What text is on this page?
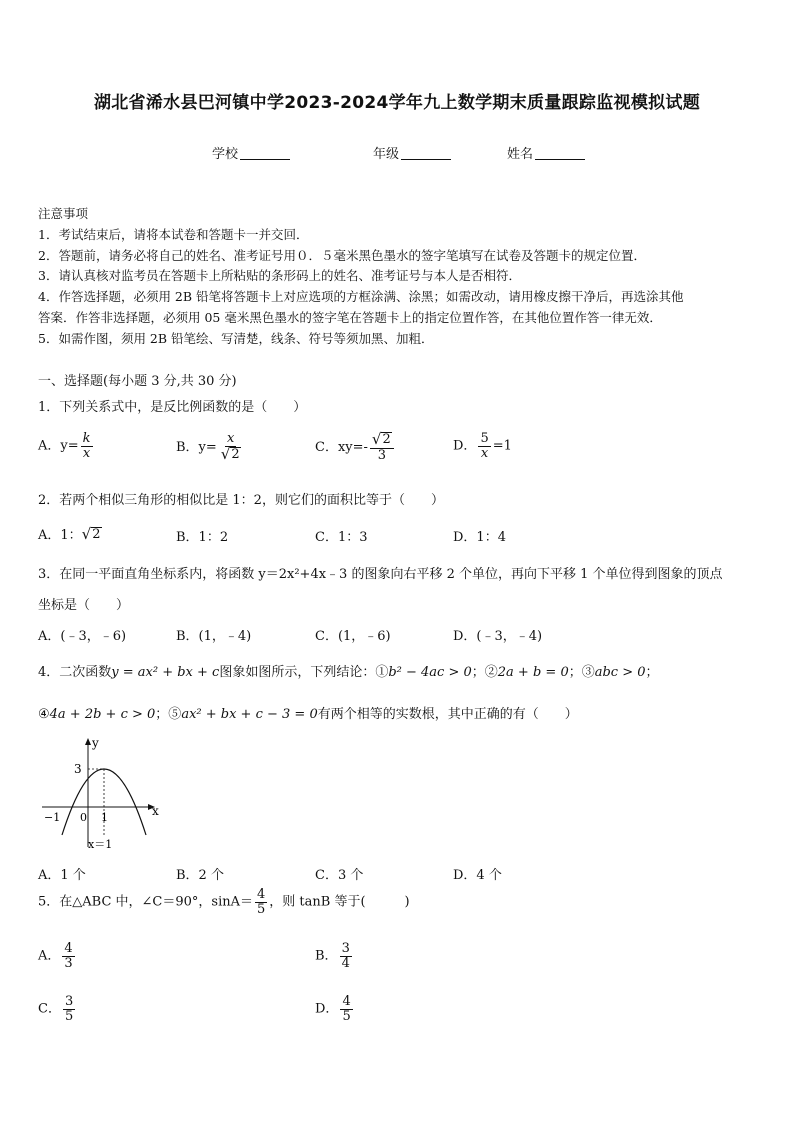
湖北省浠水县巴河镇中学2023-2024学年九上数学期末质量跟踪监视模拟试题
学校	年级	姓名
注意事项
1．考试结束后，请将本试卷和答题卡一并交回．
2．答题前，请务必将自己的姓名、准考证号用０．５毫米黑色墨水的签字笔填写在试卷及答题卡的规定位置．
3．请认真核对监考员在答题卡上所粘贴的条形码上的姓名、准考证号与本人是否相符．
4．作答选择题，必须用 2B 铅笔将答题卡上对应选项的方框涂满、涂黑；如需改动，请用橡皮擦干净后，再选涂其他
答案．作答非选择题，必须用 05 毫米黑色墨水的签字笔在答题卡上的指定位置作答，在其他位置作答一律无效．
5．如需作图，须用 2B 铅笔绘、写清楚，线条、符号等须加黑、加粗．
一、选择题(每小题 3 分,共 30 分)
1．下列关系式中，是反比例函数的是（　　）
A．$y= \frac{k}{x}$	B．$y= \frac{x}{√ 2}$	C．$xy=- \frac{√ 2}{3}$	D． $\frac{5}{x} =1$
2．若两个相似三角形的相似比是 1：2，则它们的面积比等于（　　）
A．1： √ 2	B．1：2	C．1：3	D．1：4
3．在同一平面直角坐标系内，将函数 y＝2x²+4x﹣3 的图象向右平移 2 个单位，再向下平移 1 个单位得到图象的顶点
坐标是（　　）
A．(﹣3，﹣6)	B．(1，﹣4)	C．(1，﹣6)	D．(﹣3，﹣4)
4．二次函数y = ax² + bx + c图象如图所示，下列结论：①b² − 4ac > 0；②2a + b = 0；③abc > 0；
④4a + 2b + c > 0；⑤ax² + bx + c − 3 = 0有两个相等的实数根，其中正确的有（　　）
y
x
3
−1 0 1
x＝1
A．1 个	B．2 个	C．3 个	D．4 个
5．在△ABC 中，∠C＝90°，$\sin A= \frac{4}{5}$ ，则 tanB 等于(　　　)
A． $\frac{4}{3}$	B． $\frac{3}{4}$
C． $\frac{3}{5}$	D． $\frac{4}{5}$
